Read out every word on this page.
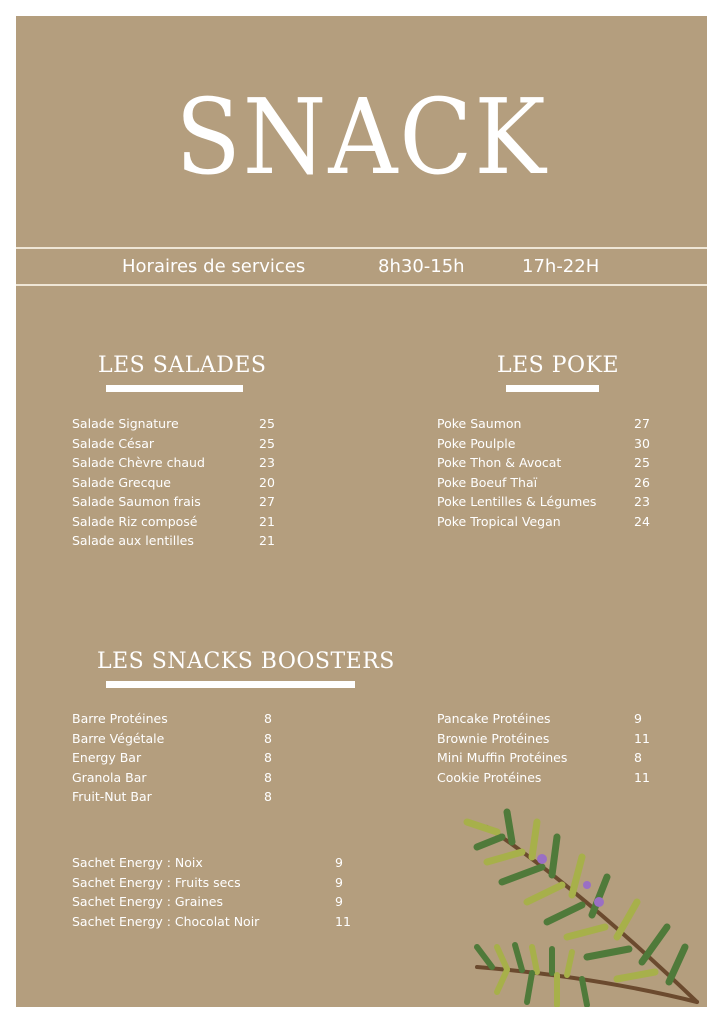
SNACK
Horaires de services	8h30-15h	17h-22H
LES SALADES
Salade Signature	25
Salade César	25
Salade Chèvre chaud	23
Salade Grecque	20
Salade Saumon frais	27
Salade Riz composé	21
Salade aux lentilles	21
LES POKE
Poke Saumon	27
Poke Poulple	30
Poke Thon & Avocat	25
Poke Boeuf Thaï	26
Poke Lentilles & Légumes	23
Poke Tropical Vegan	24
LES SNACKS BOOSTERS
Barre Protéines	8
Barre Végétale	8
Energy Bar	8
Granola Bar	8
Fruit-Nut Bar	8
Pancake Protéines	9
Brownie Protéines	11
Mini Muffin Protéines	8
Cookie Protéines	11
Sachet Energy : Noix	9
Sachet Energy : Fruits secs	9
Sachet Energy : Graines	9
Sachet Energy : Chocolat Noir	11
